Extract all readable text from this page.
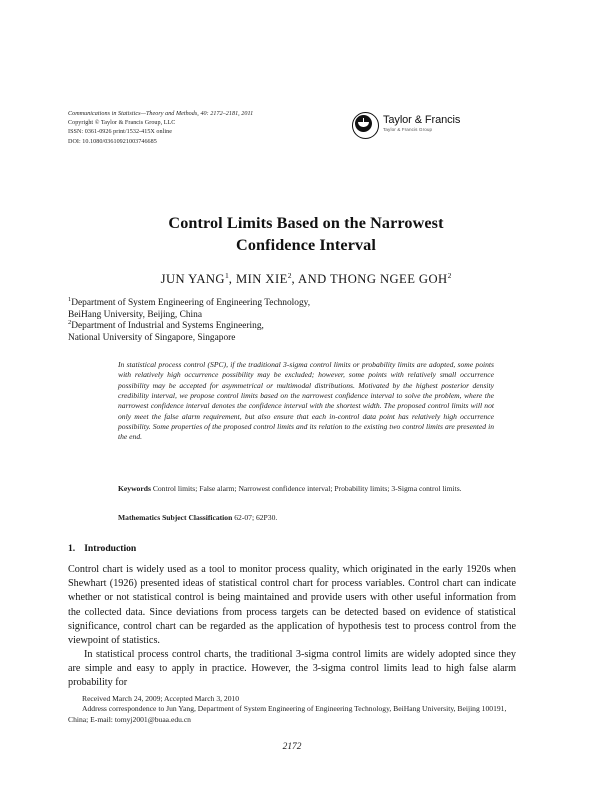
Communications in Statistics—Theory and Methods, 40: 2172–2181, 2011
Copyright © Taylor & Francis Group, LLC
ISSN: 0361-0926 print/1532-415X online
DOI: 10.1080/03610921003746685
Taylor & Francis
Taylor & Francis Group
Control Limits Based on the Narrowest
Confidence Interval
JUN YANG$^1$, MIN XIE$^2$, AND THONG NGEE GOH$^2$
$^1$Department of System Engineering of Engineering Technology,
BeiHang University, Beijing, China
$^2$Department of Industrial and Systems Engineering,
National University of Singapore, Singapore
In statistical process control (SPC), if the traditional 3-sigma control limits or probability limits are adopted, some points with relatively high occurrence possibility may be excluded; however, some points with relatively small occurrence possibility may be accepted for asymmetrical or multimodal distributions. Motivated by the highest posterior density credibility interval, we propose control limits based on the narrowest confidence interval to solve the problem, where the narrowest confidence interval denotes the confidence interval with the shortest width. The proposed control limits will not only meet the false alarm requirement, but also ensure that each in-control data point has relatively high occurrence possibility. Some properties of the proposed control limits and its relation to the existing two control limits are presented in the end.
Keywords Control limits; False alarm; Narrowest confidence interval; Probability limits; 3-Sigma control limits.
Mathematics Subject Classification 62-07; 62P30.
1. Introduction

Control chart is widely used as a tool to monitor process quality, which originated in the early 1920s when Shewhart (1926) presented ideas of statistical control chart for process variables. Control chart can indicate whether or not statistical control is being maintained and provide users with other useful information from the collected data. Since deviations from process targets can be detected based on evidence of statistical significance, control chart can be regarded as the application of hypothesis test to process control from the viewpoint of statistics.

In statistical process control charts, the traditional 3-sigma control limits are widely adopted since they are simple and easy to apply in practice. However, the 3-sigma control limits lead to high false alarm probability for

Received March 24, 2009; Accepted March 3, 2010
Address correspondence to Jun Yang, Department of System Engineering of Engineering Technology, BeiHang University, Beijing 100191, China; E-mail: tomyj2001@buaa.edu.cn
2172
